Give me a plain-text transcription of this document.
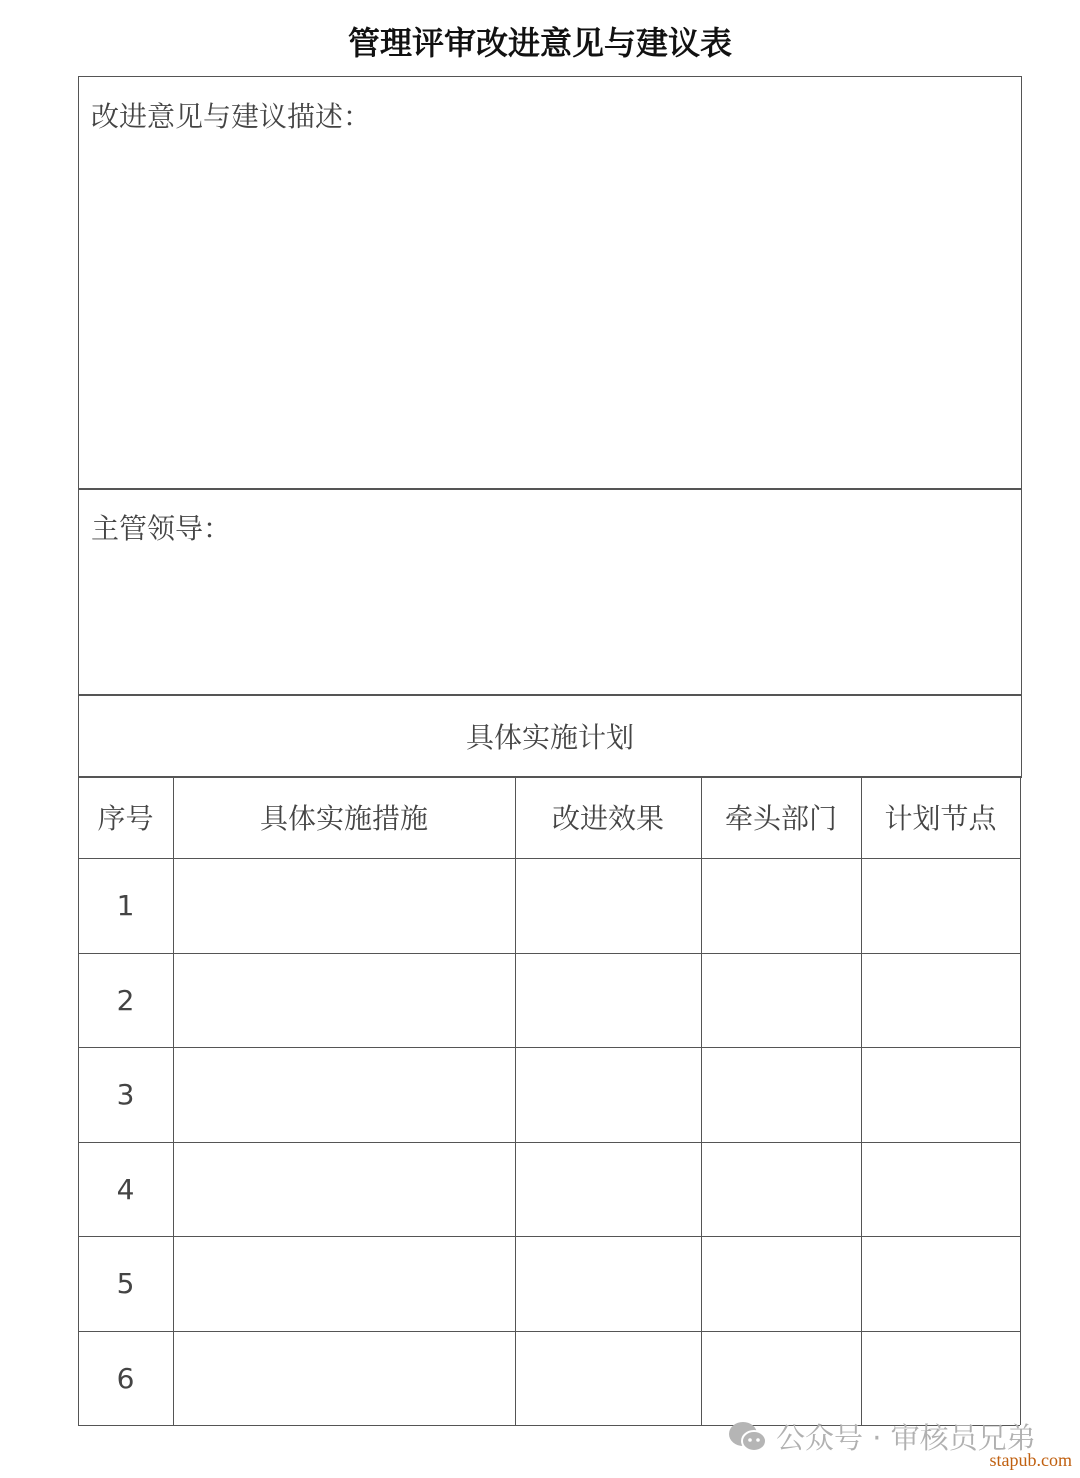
管理评审改进意见与建议表
改进意见与建议描述：
主管领导：
具体实施计划
序号	具体实施措施	改进效果	牵头部门	计划节点
1
2
3
4
5
6
公众号 · 审核员兄弟
stapub.com
